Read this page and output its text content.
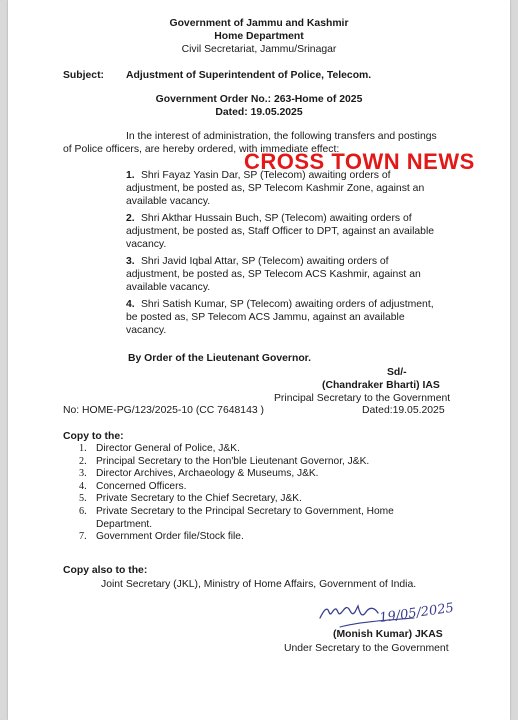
Government of Jammu and Kashmir
Home Department
Civil Secretariat, Jammu/Srinagar
Subject: Adjustment of Superintendent of Police, Telecom.
Government Order No.: 263-Home of 2025
Dated: 19.05.2025
In the interest of administration, the following transfers and postings
of Police officers, are hereby ordered, with immediate effect:
CROSS TOWN NEWS
1. Shri Fayaz Yasin Dar, SP (Telecom) awaiting orders of
adjustment, be posted as, SP Telecom Kashmir Zone, against an
available vacancy.
2. Shri Akthar Hussain Buch, SP (Telecom) awaiting orders of
adjustment, be posted as, Staff Officer to DPT, against an available
vacancy.
3. Shri Javid Iqbal Attar, SP (Telecom) awaiting orders of
adjustment, be posted as, SP Telecom ACS Kashmir, against an
available vacancy.
4. Shri Satish Kumar, SP (Telecom) awaiting orders of adjustment,
be posted as, SP Telecom ACS Jammu, against an available
vacancy.
By Order of the Lieutenant Governor.
Sd/-
(Chandraker Bharti) IAS
Principal Secretary to the Government
No: HOME-PG/123/2025-10 (CC 7648143 )	Dated:19.05.2025
Copy to the:
1. Director General of Police, J&K.
2. Principal Secretary to the Hon'ble Lieutenant Governor, J&K.
3. Director Archives, Archaeology & Museums, J&K.
4. Concerned Officers.
5. Private Secretary to the Chief Secretary, J&K.
6. Private Secretary to the Principal Secretary to Government, Home
Department.
7. Government Order file/Stock file.
Copy also to the:
Joint Secretary (JKL), Ministry of Home Affairs, Government of India.
19/05/2025
(Monish Kumar) JKAS
Under Secretary to the Government
